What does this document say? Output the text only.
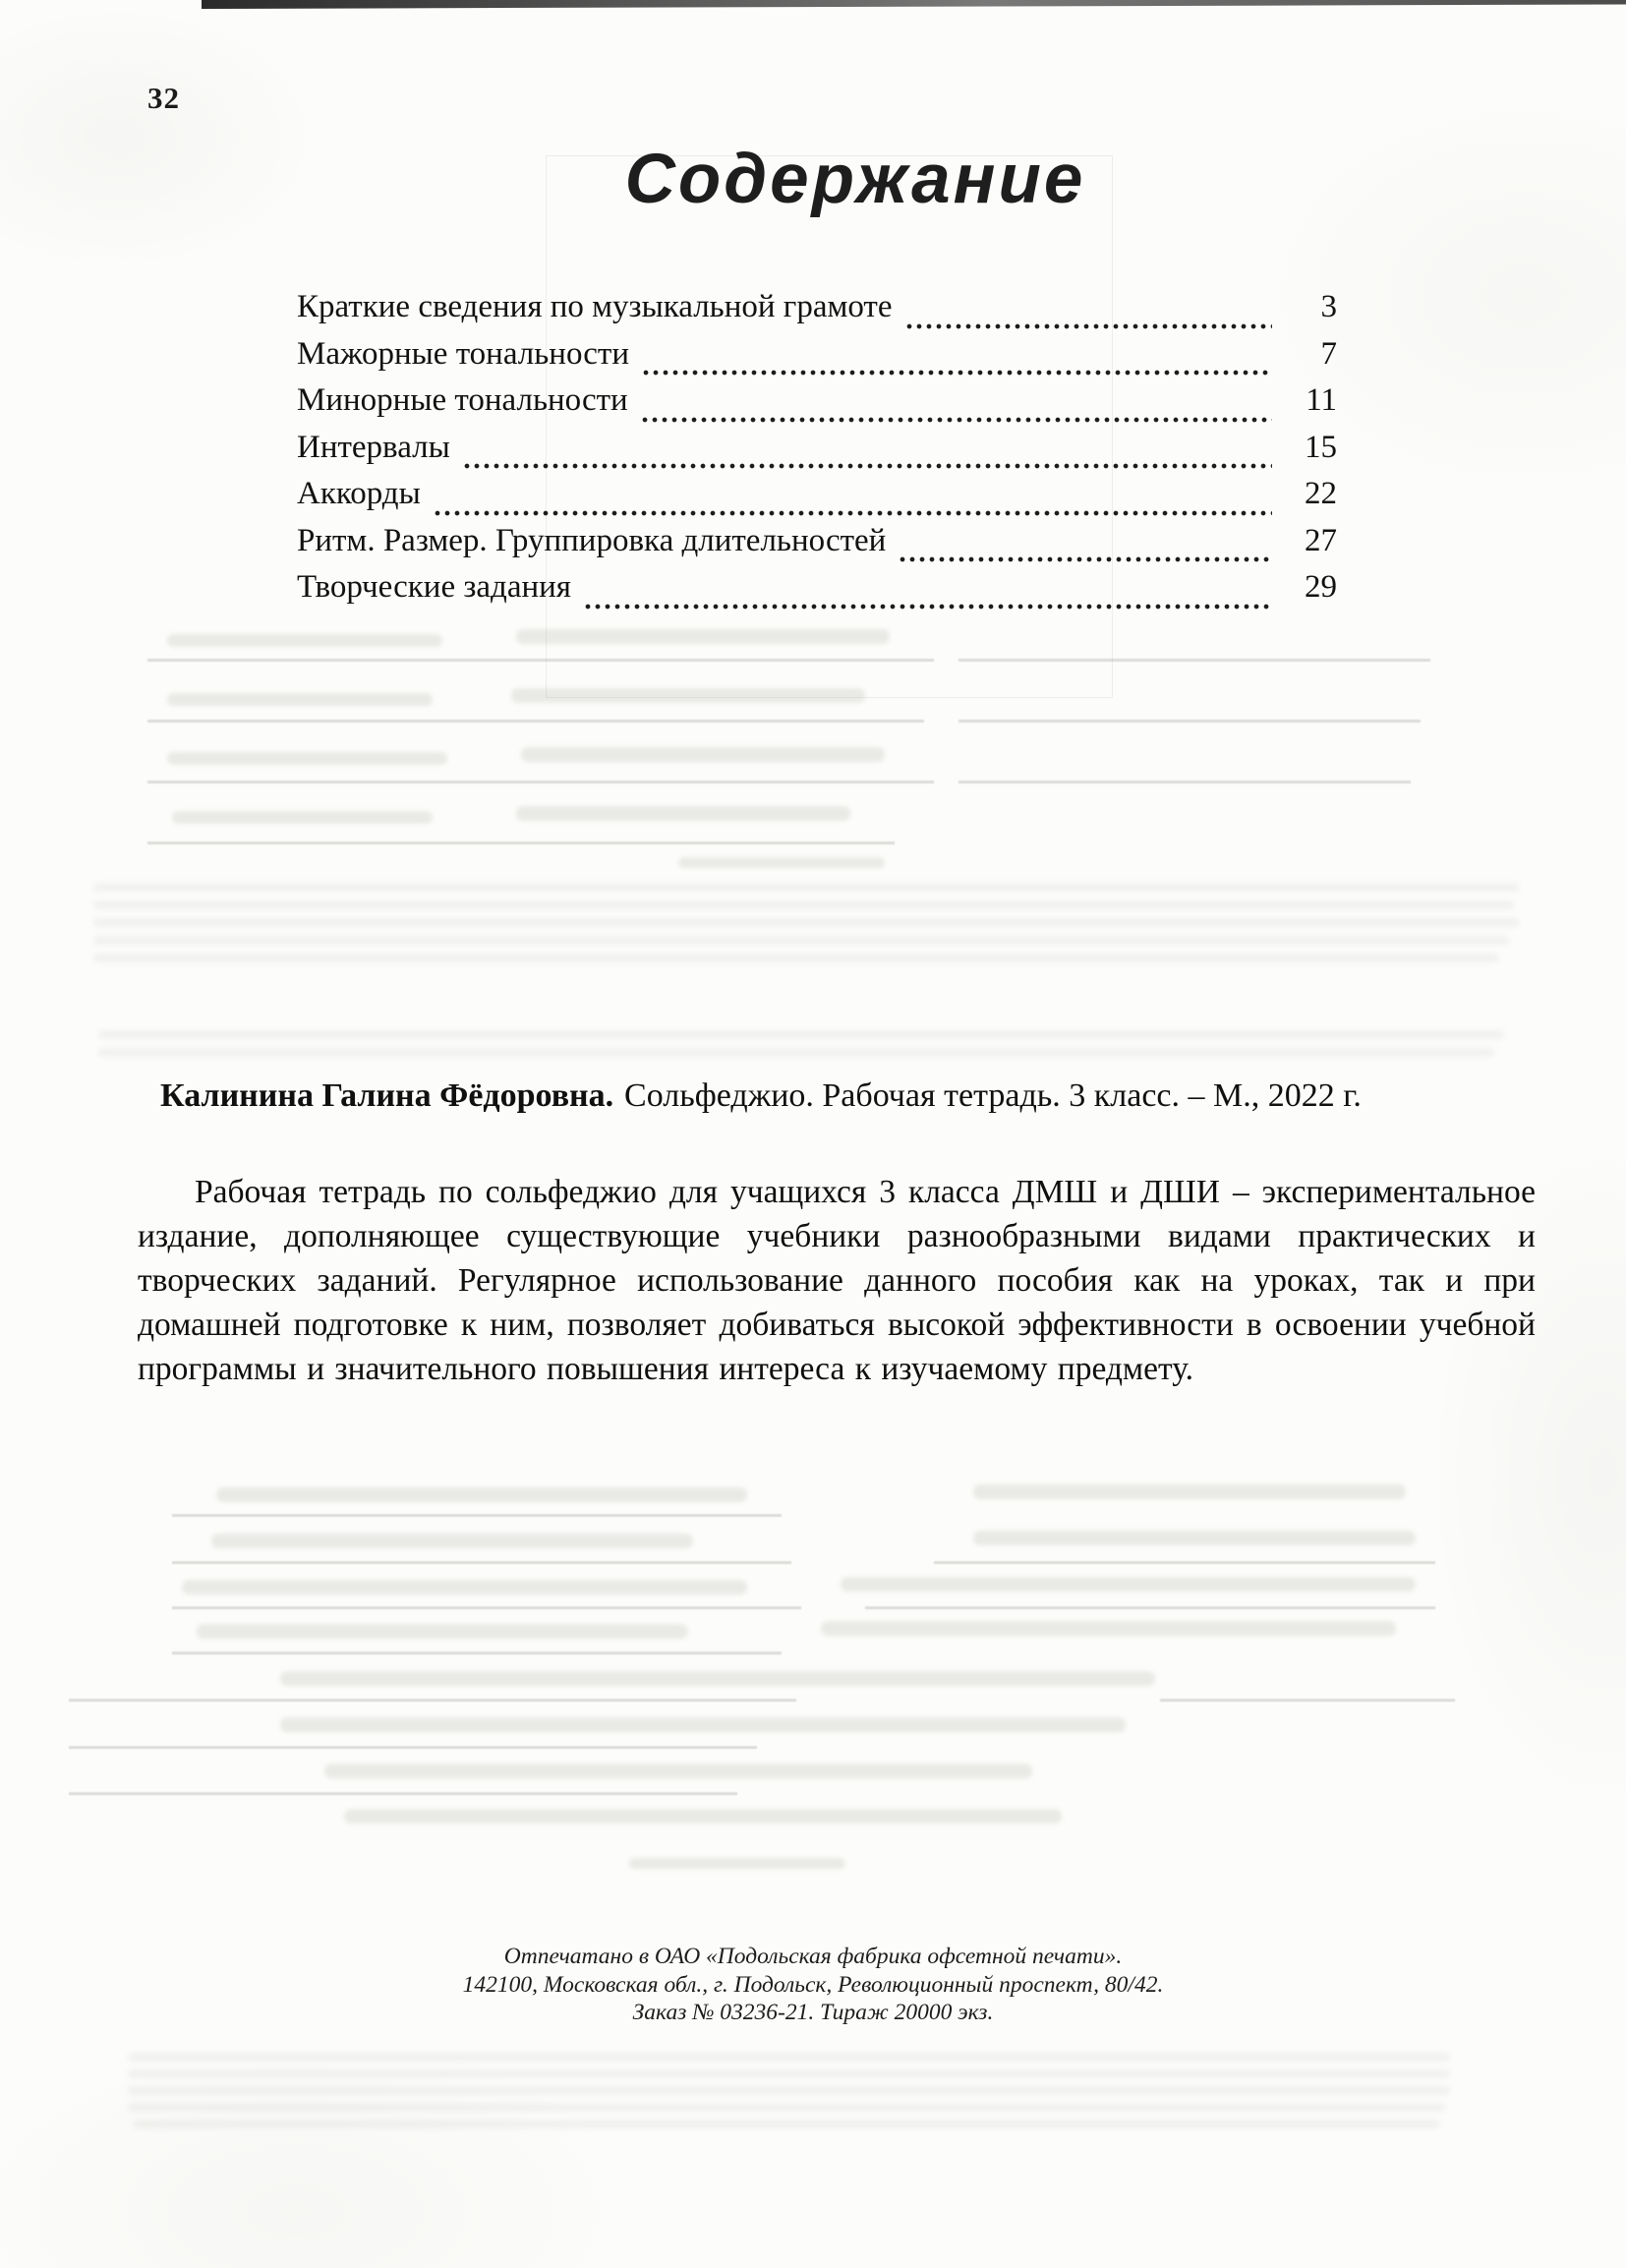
32
Содержание
Краткие сведения по музыкальной грамоте	3
Мажорные тональности	7
Минорные тональности	11
Интервалы	15
Аккорды	22
Ритм. Размер. Группировка длительностей	27
Творческие задания	29
Калинина Галина Фёдоровна. Сольфеджио. Рабочая тетрадь. 3 класс. – М., 2022 г.

Рабочая тетрадь по сольфеджио для учащихся 3 класса ДМШ и ДШИ – экспериментальное издание, дополняющее существующие учебники разнообразными видами практических и творческих заданий. Регулярное использование данного пособия как на уроках, так и при домашней подготовке к ним, позволяет добиваться высокой эффективности в освоении учебной программы и значительного повышения интереса к изучаемому предмету.

Отпечатано в ОАО «Подольская фабрика офсетной печати».
142100, Московская обл., г. Подольск, Революционный проспект, 80/42.
Заказ № 03236-21. Тираж 20000 экз.
